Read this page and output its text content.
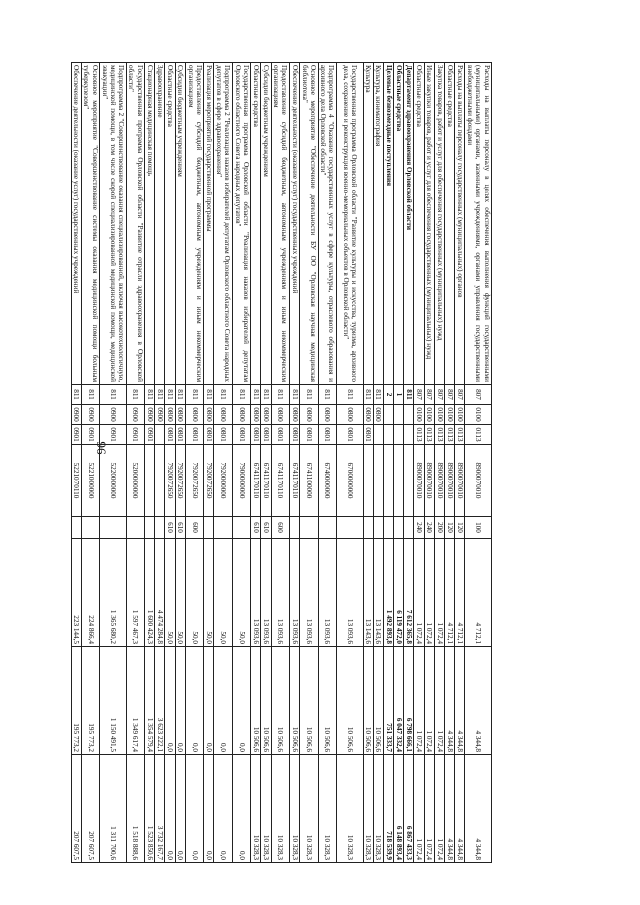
96
Расходы на выплаты персоналу в целях обеспечения выполнения функций государственными (муниципальными) органами, казенными учреждениями, органами управления государственными внебюджетными фондами	807	0100	0113	8900070010	100	4 712,1	4 344,8	4 344,8
Расходы на выплаты персоналу государственных (муниципальных) органов	807	0100	0113	8900070010	120	4 712,1	4 344,8	4 344,8
Областные средства	807	0100	0113	8900070010	120	4 712,1	4 344,8	4 344,8
Закупка товаров, работ и услуг для обеспечения государственных (муниципальных) нужд	807	0100	0113	8900070010	200	1 072,4	1 072,4	1 072,4
Иные закупки товаров, работ и услуг для обеспечения государственных (муниципальных) нужд	807	0100	0113	8900070010	240	1 072,4	1 072,4	1 072,4
Областные средства	807	0100	0113	8900070010	240	1 072,4	1 072,4	1 072,4
Департамент здравоохранения Орловской области	811					7 612 365,8	6 798 666,1	6 867 433,3
Областные средства	1					6 119 472,0	6 047 332,4	6 148 893,4
Целевые безвозмездные поступления	2					1 492 893,8	751 333,7	718 539,9
Культура, кинематография	811	0800				13 143,6	10 506,6	10 328,3
Культура	811	0800	0801			13 143,6	10 506,6	10 328,3
Государственная программа Орловской области "Развитие культуры и искусства, туризма, архивного дела, сохранение и реконструкция военно-мемориальных объектов в Орловской области"	811	0800	0801	6700000000		13 093,6	10 506,6	10 328,3
Подпрограмма 4 "Оказание государственных услуг в сфере культуры, отраслевого образования и архивного дела Орловской области"	811	0800	0801	6740000000		13 093,6	10 506,6	10 328,3
Основное мероприятие "Обеспечение деятельности БУ ОО "Орловская научная медицинская библиотека"	811	0800	0801	6741100000		13 093,6	10 506,6	10 328,3
Обеспечение деятельности (оказание услуг) государственных учреждений	811	0800	0801	6741170110		13 093,6	10 506,6	10 328,3
Предоставление субсидий бюджетным, автономным учреждениям и иным некоммерческим организациям	811	0800	0801	6741170110	600	13 093,6	10 506,6	10 328,3
Субсидии бюджетным учреждениям	811	0800	0801	6741170110	610	13 093,6	10 506,6	10 328,3
Областные средства	811	0800	0801	6741170110	610	13 093,6	10 506,6	10 328,3
Государственная программа Орловской области "Реализация наказов избирателей депутатам Орловского областного Совета народных депутатов"	811	0800	0801	7900000000		50,0	0,0	0,0
Подпрограмма 2 "Реализация наказов избирателей депутатам Орловского областного Совета народных депутатов в сфере здравоохранения"	811	0800	0801	7920000000		50,0	0,0	0,0
Реализация мероприятий государственной программы	811	0800	0801	7920072650		50,0	0,0	0,0
Предоставление субсидий бюджетным, автономным учреждениям и иным некоммерческим организациям	811	0800	0801	7920072650	600	50,0	0,0	0,0
Субсидии бюджетным учреждениям	811	0800	0801	7920072650	610	50,0	0,0	0,0
Областные средства	811	0800	0801	7920072650	610	50,0	0,0	0,0
Здравоохранение	811	0900				4 474 284,8	3 623 222,1	3 732 167,7
Стационарная медицинская помощь	811	0900	0901			1 600 424,3	1 354 579,4	1 523 850,6
Государственная программа Орловской области "Развитие отрасли здравоохранения в Орловской области"	811	0900	0901	5200000000		1 597 467,3	1 349 617,4	1 518 888,6
Подпрограмма 2 "Совершенствование оказания специализированной, включая высокотехнологичную, медицинской помощи, в том числе скорой специализированной медицинской помощи, медицинской эвакуации"	811	0900	0901	5220000000		1 365 680,2	1 150 491,5	1 311 700,6
Основное мероприятие "Совершенствование системы оказания медицинской помощи больным туберкулезом"	811	0900	0901	5221000000		224 866,4	195 773,2	207 607,5
Обеспечение деятельности (оказание услуг) государственных учреждений	811	0900	0901	5221070110		223 144,5	195 773,2	207 607,5
